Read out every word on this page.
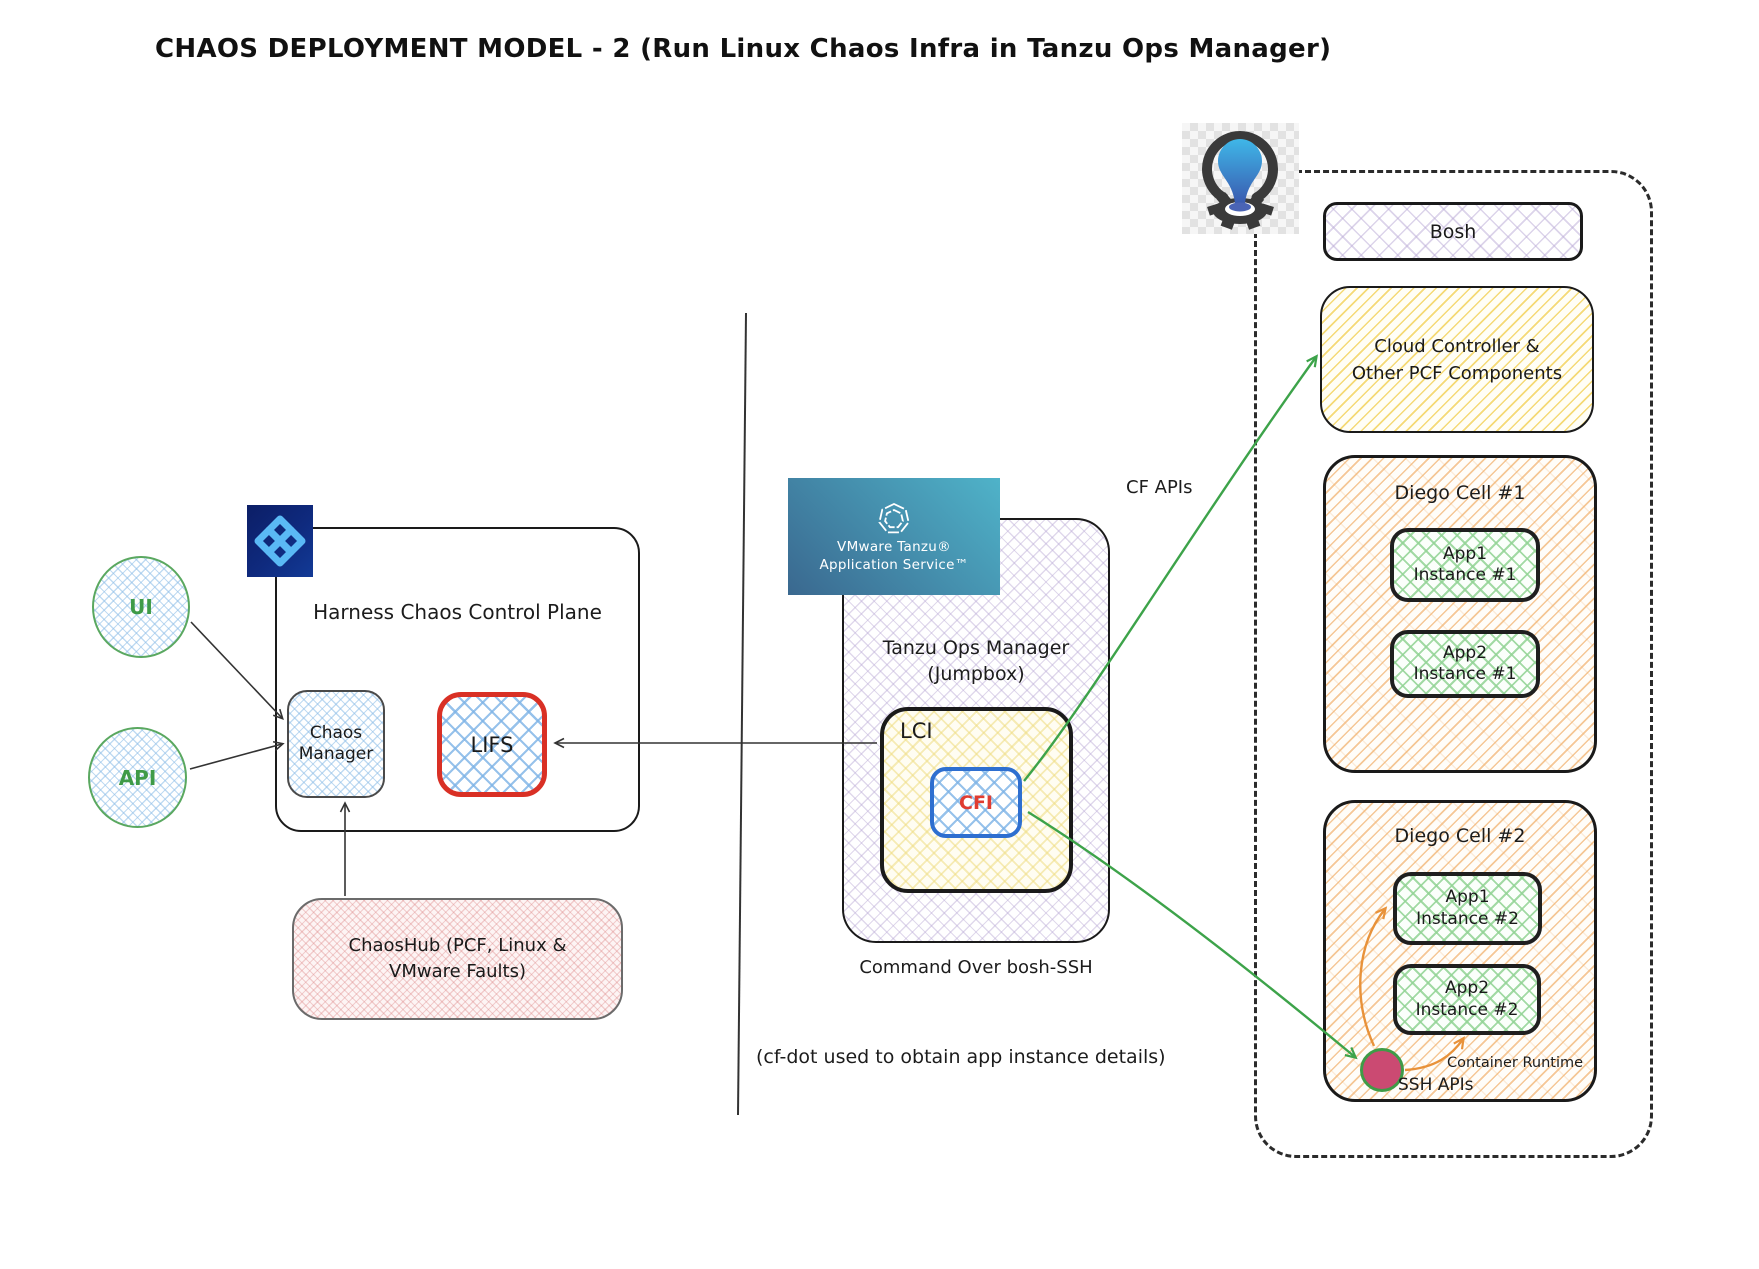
CHAOS DEPLOYMENT MODEL - 2 (Run Linux Chaos Infra in Tanzu Ops Manager)
Harness Chaos Control Plane
UI
API
Chaos
Manager	LIFS
ChaosHub (PCF, Linux &
VMware Faults)
Tanzu Ops Manager
(Jumpbox)
LCI
CFI
Command Over bosh-SSH
(cf-dot used to obtain app instance details)
VMware Tanzu®
Application Service™
Bosh
Cloud Controller &
Other PCF Components
Diego Cell #1
App1
Instance #1
App2
Instance #1
Diego Cell #2
App1
Instance #2
App2
Instance #2
CF APIs
SSH APIs
Container Runtime
